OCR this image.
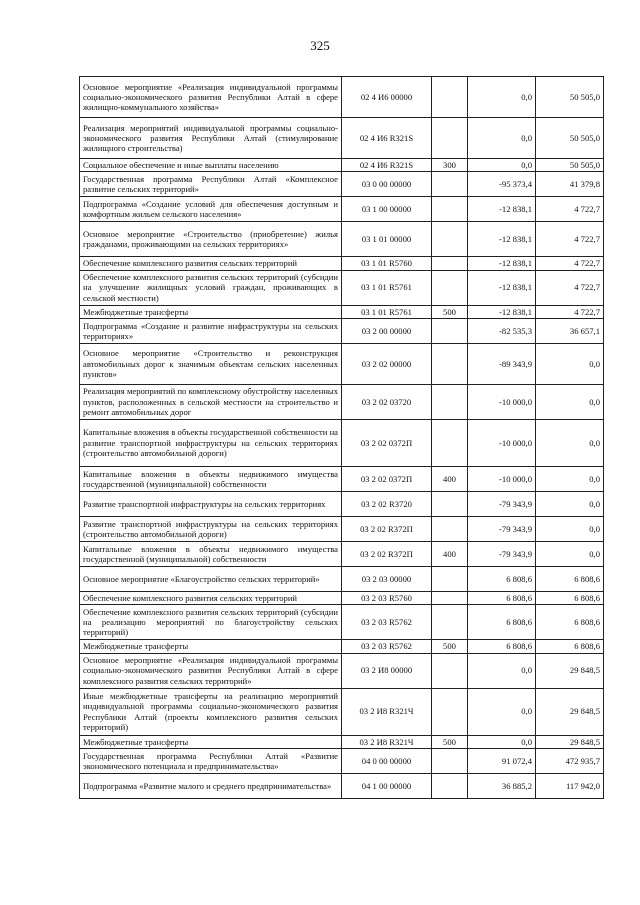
325
Основное мероприятие «Реализация индивидуальной программы социально-экономического развития Республики Алтай в сфере жилищно-коммунального хозяйства»	02 4 И6 00000		0,0	50 505,0
Реализация мероприятий индивидуальной программы социально-экономического развития Республики Алтай (стимулирование жилищного строительства)	02 4 И6 R321S		0,0	50 505,0
Социальное обеспечение и иные выплаты населению	02 4 И6 R321S	300	0,0	50 505,0
Государственная программа Республики Алтай «Комплексное развитие сельских территорий»	03 0 00 00000		-95 373,4	41 379,8
Подпрограмма «Создание условий для обеспечения доступным и комфортным жильем сельского населения»	03 1 00 00000		-12 838,1	4 722,7
Основное мероприятие «Строительство (приобретение) жилья гражданами, проживающими на сельских территориях»	03 1 01 00000		-12 838,1	4 722,7
Обеспечение комплексного развития сельских территорий	03 1 01 R5760		-12 838,1	4 722,7
Обеспечение комплексного развития сельских территорий (субсидии на улучшение жилищных условий граждан, проживающих в сельской местности)	03 1 01 R5761		-12 838,1	4 722,7
Межбюджетные трансферты	03 1 01 R5761	500	-12 838,1	4 722,7
Подпрограмма «Создание и развитие инфраструктуры на сельских территориях»	03 2 00 00000		-82 535,3	36 657,1
Основное мероприятие «Строительство и реконструкция автомобильных дорог к значимым объектам сельских населенных пунктов»	03 2 02 00000		-89 343,9	0,0
Реализация мероприятий по комплексному обустройству населенных пунктов, расположенных в сельской местности на строительство и ремонт автомобильных дорог	03 2 02 03720		-10 000,0	0,0
Капитальные вложения в объекты государственной собственности на развитие транспортной инфраструктуры на сельских территориях (строительство автомобильной дороги)	03 2 02 0372П		-10 000,0	0,0
Капитальные вложения в объекты недвижимого имущества государственной (муниципальной) собственности	03 2 02 0372П	400	-10 000,0	0,0
Развитие транспортной инфраструктуры на сельских территориях	03 2 02 R3720		-79 343,9	0,0
Развитие транспортной инфраструктуры на сельских территориях (строительство автомобильной дороги)	03 2 02 R372П		-79 343,9	0,0
Капитальные вложения в объекты недвижимого имущества государственной (муниципальной) собственности	03 2 02 R372П	400	-79 343,9	0,0
Основное мероприятие «Благоустройство сельских территорий»	03 2 03 00000		6 808,6	6 808,6
Обеспечение комплексного развития сельских территорий	03 2 03 R5760		6 808,6	6 808,6
Обеспечение комплексного развития сельских территорий (субсидии на реализацию мероприятий по благоустройству сельских территорий)	03 2 03 R5762		6 808,6	6 808,6
Межбюджетные трансферты	03 2 03 R5762	500	6 808,6	6 808,6
Основное мероприятие «Реализация индивидуальной программы социально-экономического развития Республики Алтай в сфере комплексного развития сельских территорий»	03 2 И8 00000		0,0	29 848,5
Иные межбюджетные трансферты на реализацию мероприятий индивидуальной программы социально-экономического развития Республики Алтай (проекты комплексного развития сельских территорий)	03 2 И8 R321Ч		0,0	29 848,5
Межбюджетные трансферты	03 2 И8 R321Ч	500	0,0	29 848,5
Государственная программа Республики Алтай «Развитие экономического потенциала и предпринимательства»	04 0 00 00000		91 072,4	472 935,7
Подпрограмма «Развитие малого и среднего предпринимательства»	04 1 00 00000		36 885,2	117 942,0
